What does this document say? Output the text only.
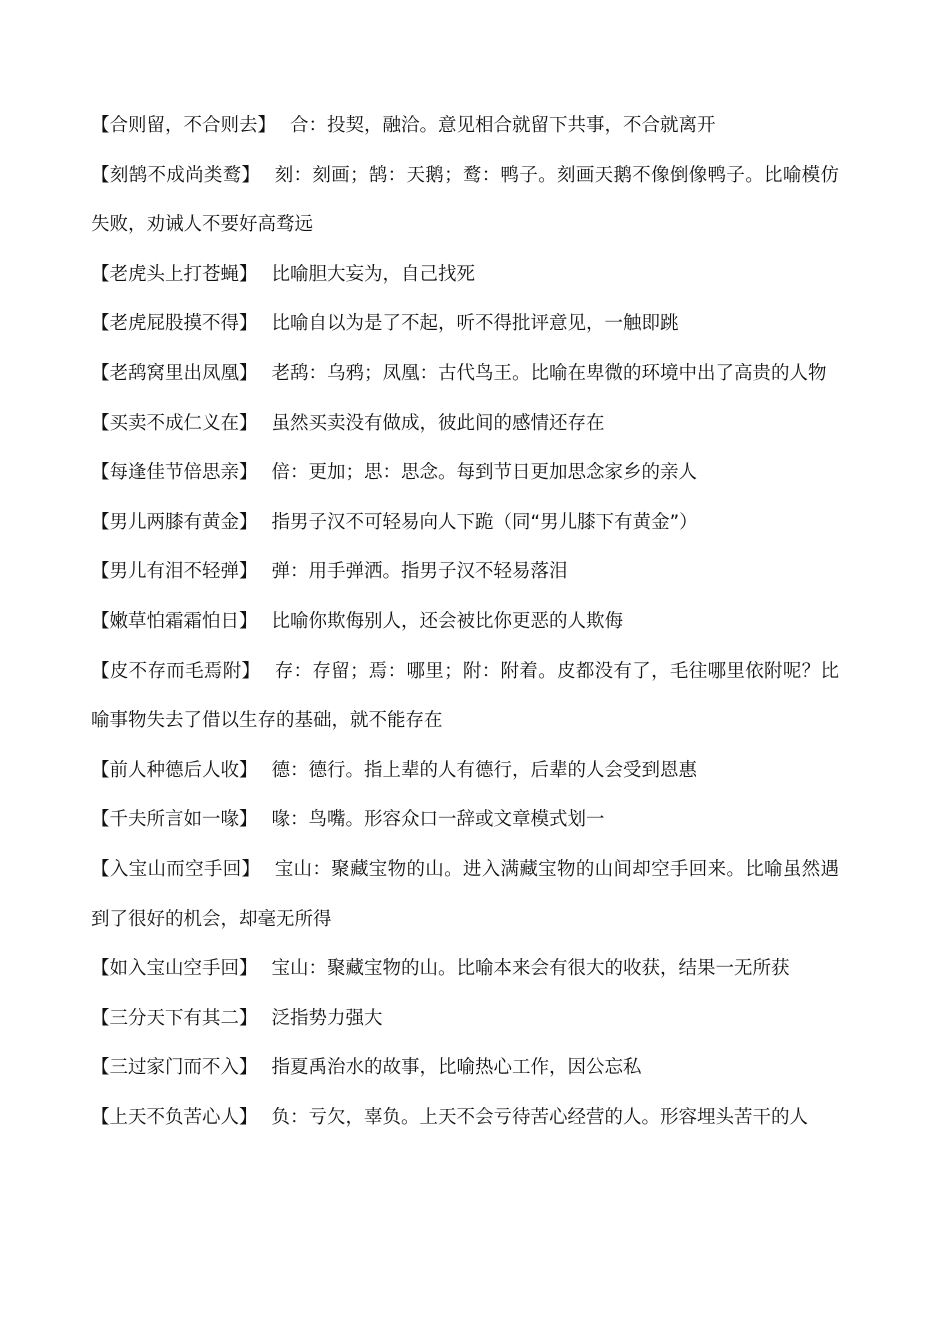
【合则留，不合则去】 合：投契，融洽。意见相合就留下共事，不合就离开

【刻鹄不成尚类鹜】 刻：刻画；鹄：天鹅；鹜：鸭子。刻画天鹅不像倒像鸭子。比喻模仿失败，劝诫人不要好高骛远

【老虎头上打苍蝇】 比喻胆大妄为，自己找死

【老虎屁股摸不得】 比喻自以为是了不起，听不得批评意见，一触即跳

【老鸹窝里出凤凰】 老鸹：乌鸦；凤凰：古代鸟王。比喻在卑微的环境中出了高贵的人物

【买卖不成仁义在】 虽然买卖没有做成，彼此间的感情还存在

【每逢佳节倍思亲】 倍：更加；思：思念。每到节日更加思念家乡的亲人

【男儿两膝有黄金】 指男子汉不可轻易向人下跪（同“男儿膝下有黄金”）

【男儿有泪不轻弹】 弹：用手弹洒。指男子汉不轻易落泪

【嫩草怕霜霜怕日】 比喻你欺侮别人，还会被比你更恶的人欺侮

【皮不存而毛焉附】 存：存留；焉：哪里；附：附着。皮都没有了，毛往哪里依附呢？比喻事物失去了借以生存的基础，就不能存在

【前人种德后人收】 德：德行。指上辈的人有德行，后辈的人会受到恩惠

【千夫所言如一喙】 喙：鸟嘴。形容众口一辞或文章模式划一

【入宝山而空手回】 宝山：聚藏宝物的山。进入满藏宝物的山间却空手回来。比喻虽然遇到了很好的机会，却毫无所得

【如入宝山空手回】 宝山：聚藏宝物的山。比喻本来会有很大的收获，结果一无所获

【三分天下有其二】 泛指势力强大

【三过家门而不入】 指夏禹治水的故事，比喻热心工作，因公忘私

【上天不负苦心人】 负：亏欠，辜负。上天不会亏待苦心经营的人。形容埋头苦干的人
